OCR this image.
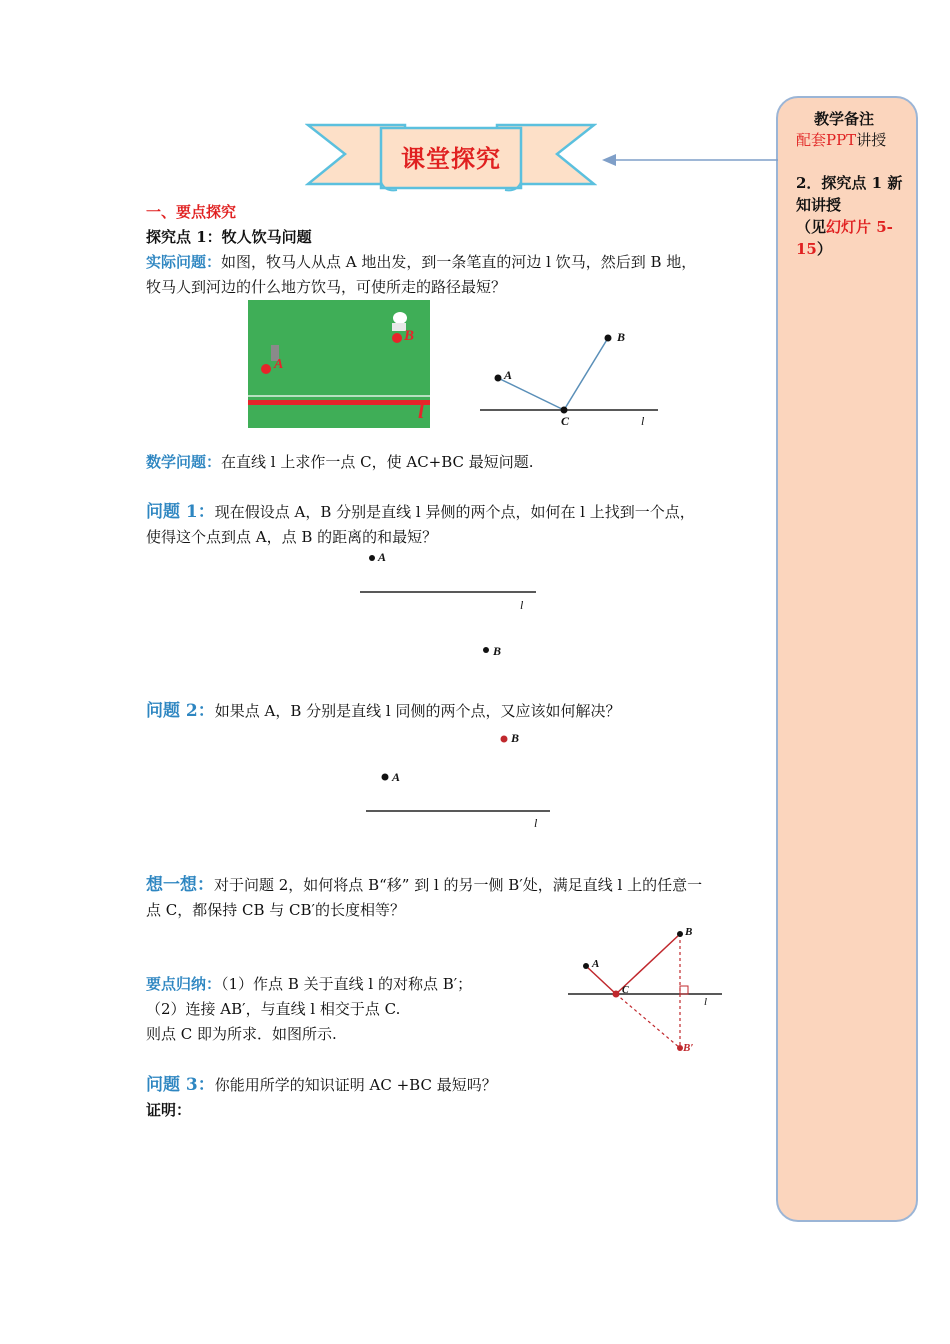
教学备注
配套PPT讲授
2．探究点 1 新
知讲授
（见幻灯片 5-
15）
课堂探究
一、要点探究
探究点 1：牧人饮马问题
实际问题：如图，牧马人从点 A 地出发，到一条笔直的河边 l 饮马，然后到 B 地，
牧马人到河边的什么地方饮马，可使所走的路径最短？
B
A
l
A
B
C	l
数学问题：在直线 l 上求作一点 C，使 AC+BC 最短问题.
问题 1：现在假设点 A，B 分别是直线 l 异侧的两个点，如何在 l 上找到一个点，
使得这个点到点 A，点 B 的距离的和最短？
A
l
B
问题 2：如果点 A，B 分别是直线 l 同侧的两个点，又应该如何解决？
B
A
l
想一想：对于问题 2，如何将点 B“移” 到 l 的另一侧 B′处，满足直线 l 上的任意一
点 C，都保持 CB 与 CB′的长度相等？
要点归纳：（1）作点 B 关于直线 l 的对称点 B′；
（2）连接 AB′，与直线 l 相交于点 C.
则点 C 即为所求．如图所示.
A
B
C
l
B′
问题 3：你能用所学的知识证明 AC +BC 最短吗？
证明：
